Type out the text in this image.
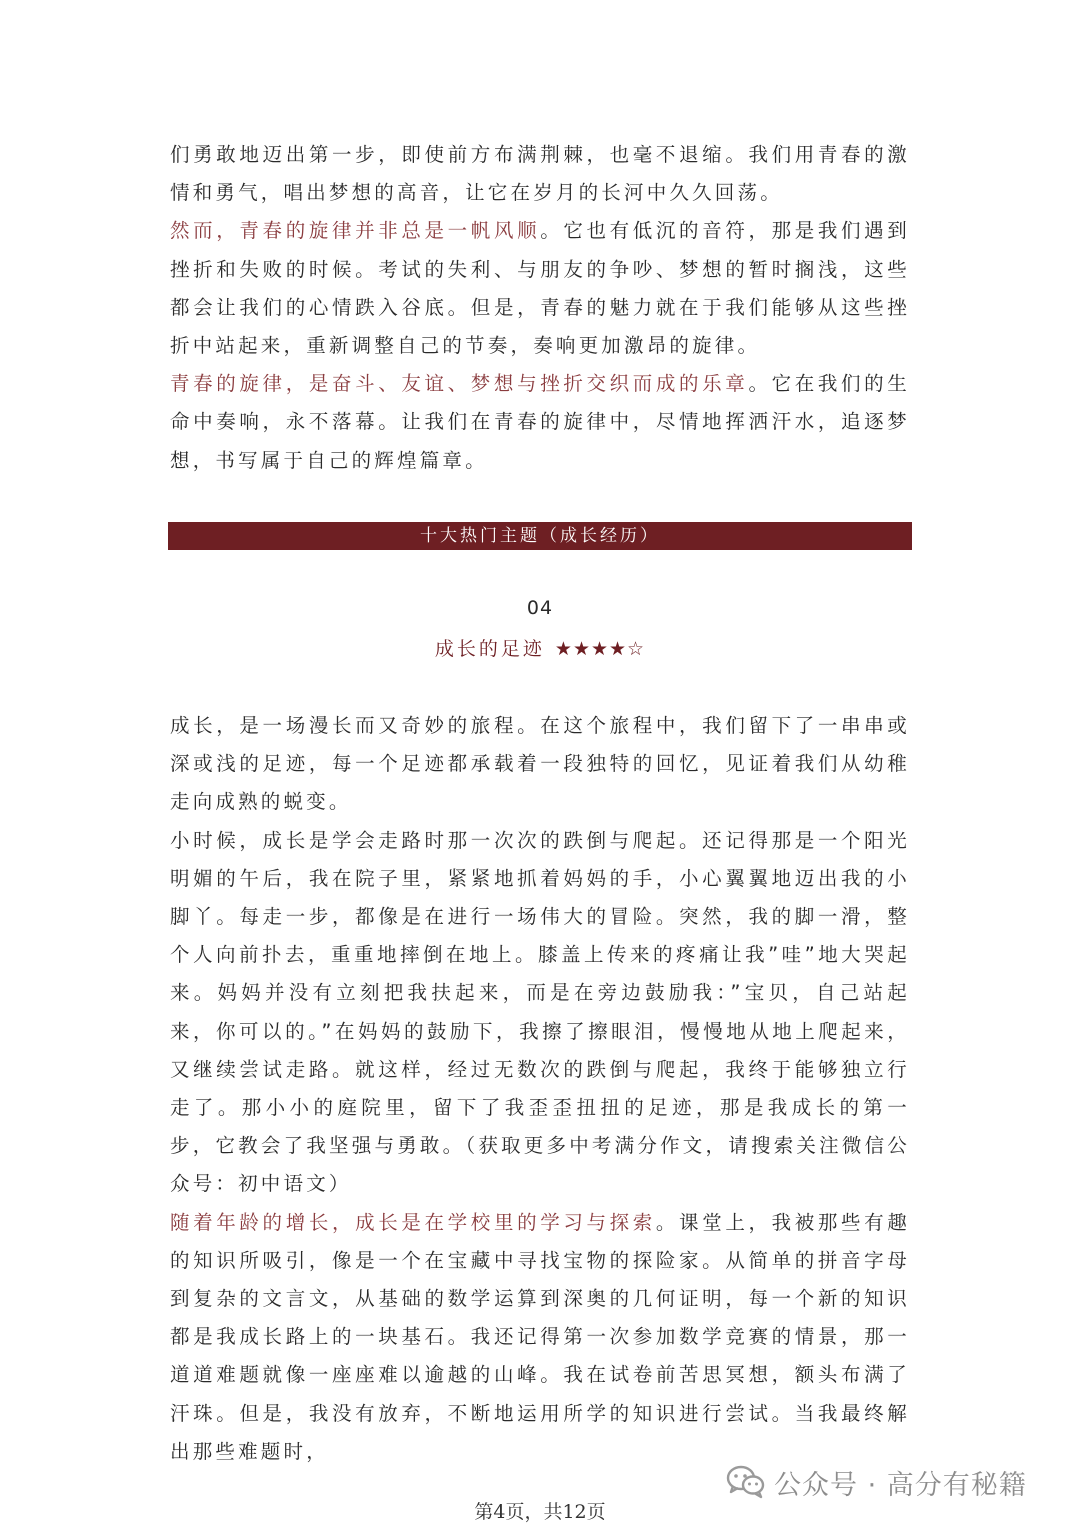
们勇敢地迈出第一步，即使前方布满荆棘，也毫不退缩。我们用青春的激情和勇气，唱出梦想的高音，让它在岁月的长河中久久回荡。

然而，青春的旋律并非总是一帆风顺。它也有低沉的音符，那是我们遇到挫折和失败的时候。考试的失利、与朋友的争吵、梦想的暂时搁浅，这些都会让我们的心情跌入谷底。但是，青春的魅力就在于我们能够从这些挫折中站起来，重新调整自己的节奏，奏响更加激昂的旋律。

青春的旋律，是奋斗、友谊、梦想与挫折交织而成的乐章。它在我们的生命中奏响，永不落幕。让我们在青春的旋律中，尽情地挥洒汗水，追逐梦想，书写属于自己的辉煌篇章。

十大热门主题（成长经历）
04
成长的足迹 ★★★★☆

成长，是一场漫长而又奇妙的旅程。在这个旅程中，我们留下了一串串或深或浅的足迹，每一个足迹都承载着一段独特的回忆，见证着我们从幼稚走向成熟的蜕变。

小时候，成长是学会走路时那一次次的跌倒与爬起。还记得那是一个阳光明媚的午后，我在院子里，紧紧地抓着妈妈的手，小心翼翼地迈出我的小脚丫。每走一步，都像是在进行一场伟大的冒险。突然，我的脚一滑，整个人向前扑去，重重地摔倒在地上。膝盖上传来的疼痛让我”哇”地大哭起来。妈妈并没有立刻把我扶起来，而是在旁边鼓励我：”宝贝，自己站起来，你可以的。”在妈妈的鼓励下，我擦了擦眼泪，慢慢地从地上爬起来，又继续尝试走路。就这样，经过无数次的跌倒与爬起，我终于能够独立行走了。那小小的庭院里，留下了我歪歪扭扭的足迹，那是我成长的第一步，它教会了我坚强与勇敢。（获取更多中考满分作文，请搜索关注微信公众号：初中语文）

随着年龄的增长，成长是在学校里的学习与探索。课堂上，我被那些有趣的知识所吸引，像是一个在宝藏中寻找宝物的探险家。从简单的拼音字母到复杂的文言文，从基础的数学运算到深奥的几何证明，每一个新的知识都是我成长路上的一块基石。我还记得第一次参加数学竞赛的情景，那一道道难题就像一座座难以逾越的山峰。我在试卷前苦思冥想，额头布满了汗珠。但是，我没有放弃，不断地运用所学的知识进行尝试。当我最终解出那些难题时，

公众号 · 高分有秘籍
第4页，共12页
